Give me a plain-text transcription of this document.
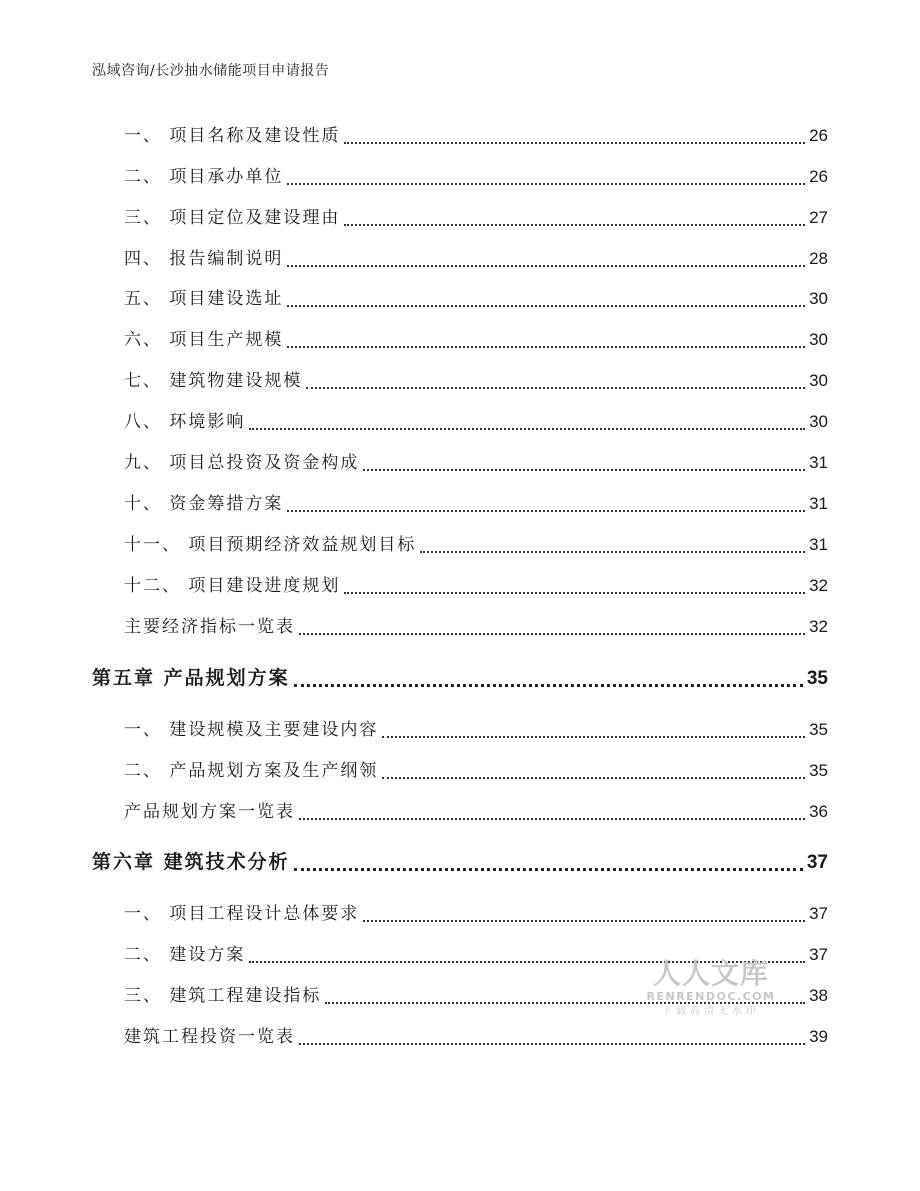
泓域咨询/长沙抽水储能项目申请报告
一、 项目名称及建设性质	26
二、 项目承办单位	26
三、 项目定位及建设理由	27
四、 报告编制说明	28
五、 项目建设选址	30
六、 项目生产规模	30
七、 建筑物建设规模	30
八、 环境影响	30
九、 项目总投资及资金构成	31
十、 资金筹措方案	31
十一、 项目预期经济效益规划目标	31
十二、 项目建设进度规划	32
主要经济指标一览表	32
第五章 产品规划方案	35
一、 建设规模及主要建设内容	35
二、 产品规划方案及生产纲领	35
产品规划方案一览表	36
第六章 建筑技术分析	37
一、 项目工程设计总体要求	37
二、 建设方案	37
三、 建筑工程建设指标	38
建筑工程投资一览表	39
人人文库
RENRENDOC.COM
下载高清无水印
